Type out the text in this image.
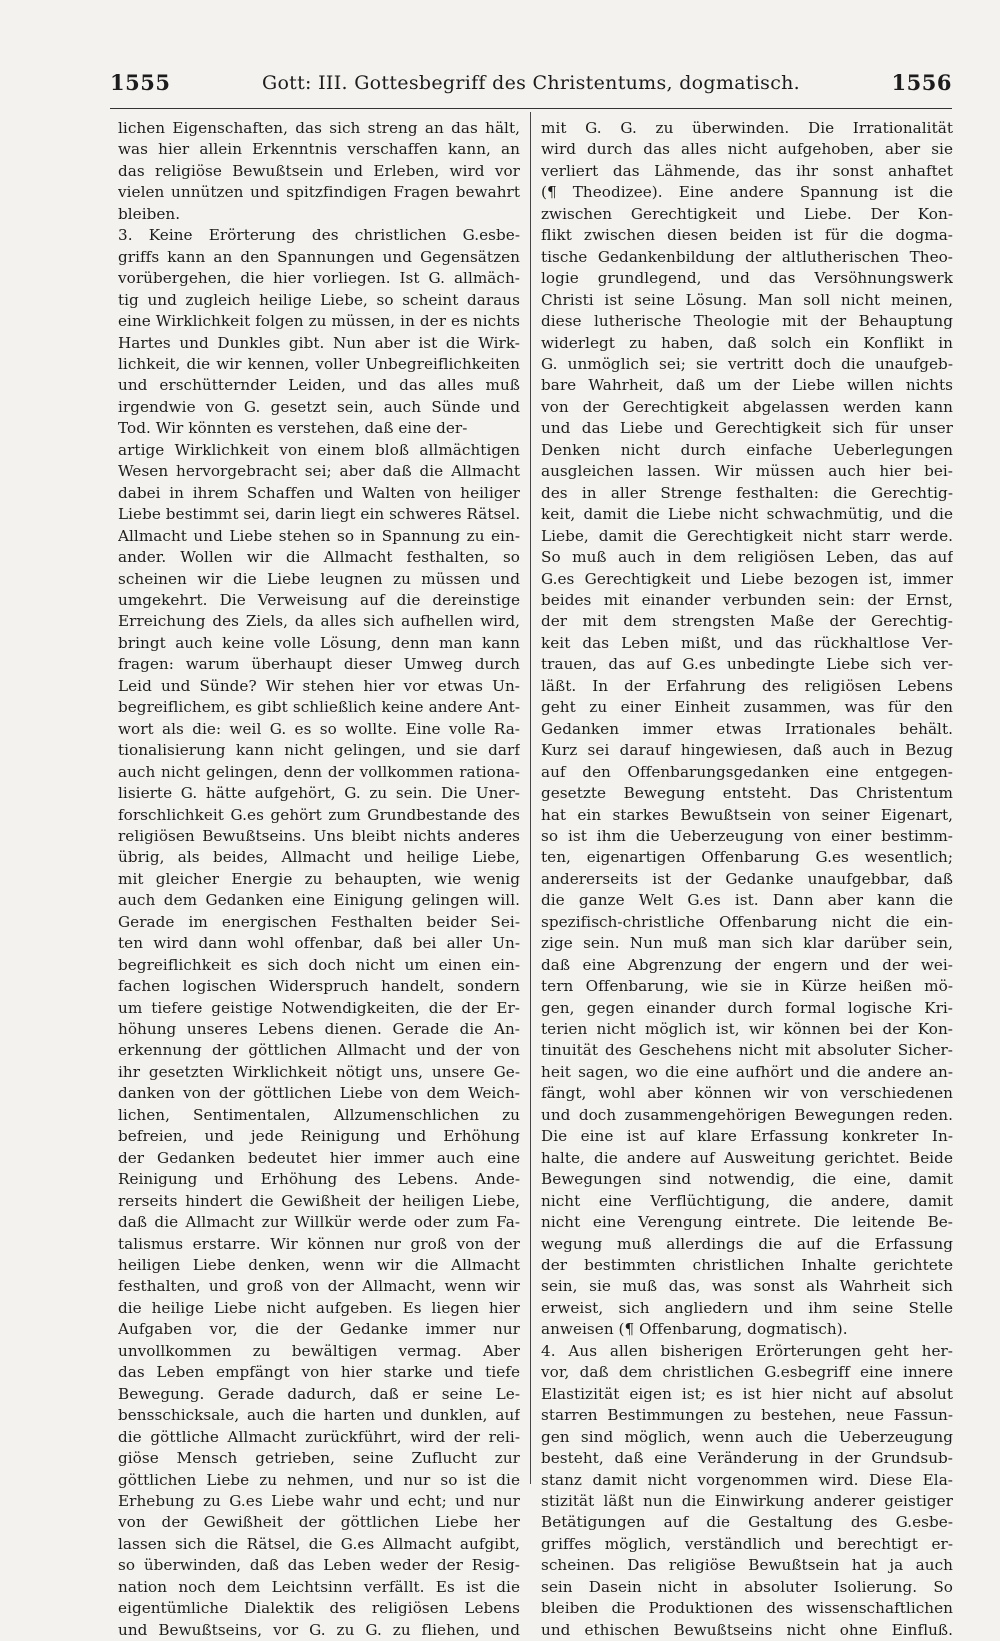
1555	Gott: III. Gottesbegriff des Christentums, dogmatisch.	1556
lichen Eigenschaften, das sich streng an das hält,
was hier allein Erkenntnis verschaffen kann, an
das religiöse Bewußtsein und Erleben, wird vor
vielen unnützen und spitzfindigen Fragen bewahrt
bleiben.
3. Keine Erörterung des christlichen G.esbe-
griffs kann an den Spannungen und Gegensätzen
vorübergehen, die hier vorliegen. Ist G. allmäch-
tig und zugleich heilige Liebe, so scheint daraus
eine Wirklichkeit folgen zu müssen, in der es nichts
Hartes und Dunkles gibt. Nun aber ist die Wirk-
lichkeit, die wir kennen, voller Unbegreiflichkeiten
und erschütternder Leiden, und das alles muß
irgendwie von G. gesetzt sein, auch Sünde und
Tod. Wir könnten es verstehen, daß eine der-
artige Wirklichkeit von einem bloß allmächtigen
Wesen hervorgebracht sei; aber daß die Allmacht
dabei in ihrem Schaffen und Walten von heiliger
Liebe bestimmt sei, darin liegt ein schweres Rätsel.
Allmacht und Liebe stehen so in Spannung zu ein-
ander. Wollen wir die Allmacht festhalten, so
scheinen wir die Liebe leugnen zu müssen und
umgekehrt. Die Verweisung auf die dereinstige
Erreichung des Ziels, da alles sich aufhellen wird,
bringt auch keine volle Lösung, denn man kann
fragen: warum überhaupt dieser Umweg durch
Leid und Sünde? Wir stehen hier vor etwas Un-
begreiflichem, es gibt schließlich keine andere Ant-
wort als die: weil G. es so wollte. Eine volle Ra-
tionalisierung kann nicht gelingen, und sie darf
auch nicht gelingen, denn der vollkommen rationa-
lisierte G. hätte aufgehört, G. zu sein. Die Uner-
forschlichkeit G.es gehört zum Grundbestande des
religiösen Bewußtseins. Uns bleibt nichts anderes
übrig, als beides, Allmacht und heilige Liebe,
mit gleicher Energie zu behaupten, wie wenig
auch dem Gedanken eine Einigung gelingen will.
Gerade im energischen Festhalten beider Sei-
ten wird dann wohl offenbar, daß bei aller Un-
begreiflichkeit es sich doch nicht um einen ein-
fachen logischen Widerspruch handelt, sondern
um tiefere geistige Notwendigkeiten, die der Er-
höhung unseres Lebens dienen. Gerade die An-
erkennung der göttlichen Allmacht und der von
ihr gesetzten Wirklichkeit nötigt uns, unsere Ge-
danken von der göttlichen Liebe von dem Weich-
lichen, Sentimentalen, Allzumenschlichen zu
befreien, und jede Reinigung und Erhöhung
der Gedanken bedeutet hier immer auch eine
Reinigung und Erhöhung des Lebens. Ande-
rerseits hindert die Gewißheit der heiligen Liebe,
daß die Allmacht zur Willkür werde oder zum Fa-
talismus erstarre. Wir können nur groß von der
heiligen Liebe denken, wenn wir die Allmacht
festhalten, und groß von der Allmacht, wenn wir
die heilige Liebe nicht aufgeben. Es liegen hier
Aufgaben vor, die der Gedanke immer nur
unvollkommen zu bewältigen vermag. Aber
das Leben empfängt von hier starke und tiefe
Bewegung. Gerade dadurch, daß er seine Le-
bensschicksale, auch die harten und dunklen, auf
die göttliche Allmacht zurückführt, wird der reli-
giöse Mensch getrieben, seine Zuflucht zur
göttlichen Liebe zu nehmen, und nur so ist die
Erhebung zu G.es Liebe wahr und echt; und nur
von der Gewißheit der göttlichen Liebe her
lassen sich die Rätsel, die G.es Allmacht aufgibt,
so überwinden, daß das Leben weder der Resig-
nation noch dem Leichtsinn verfällt. Es ist die
eigentümliche Dialektik des religiösen Lebens
und Bewußtseins, vor G. zu G. zu fliehen, und
mit G. G. zu überwinden. Die Irrationalität
wird durch das alles nicht aufgehoben, aber sie
verliert das Lähmende, das ihr sonst anhaftet
(¶ Theodizee). Eine andere Spannung ist die
zwischen Gerechtigkeit und Liebe. Der Kon-
flikt zwischen diesen beiden ist für die dogma-
tische Gedankenbildung der altlutherischen Theo-
logie grundlegend, und das Versöhnungswerk
Christi ist seine Lösung. Man soll nicht meinen,
diese lutherische Theologie mit der Behauptung
widerlegt zu haben, daß solch ein Konflikt in
G. unmöglich sei; sie vertritt doch die unaufgeb-
bare Wahrheit, daß um der Liebe willen nichts
von der Gerechtigkeit abgelassen werden kann
und das Liebe und Gerechtigkeit sich für unser
Denken nicht durch einfache Ueberlegungen
ausgleichen lassen. Wir müssen auch hier bei-
des in aller Strenge festhalten: die Gerechtig-
keit, damit die Liebe nicht schwachmütig, und die
Liebe, damit die Gerechtigkeit nicht starr werde.
So muß auch in dem religiösen Leben, das auf
G.es Gerechtigkeit und Liebe bezogen ist, immer
beides mit einander verbunden sein: der Ernst,
der mit dem strengsten Maße der Gerechtig-
keit das Leben mißt, und das rückhaltlose Ver-
trauen, das auf G.es unbedingte Liebe sich ver-
läßt. In der Erfahrung des religiösen Lebens
geht zu einer Einheit zusammen, was für den
Gedanken immer etwas Irrationales behält.
Kurz sei darauf hingewiesen, daß auch in Bezug
auf den Offenbarungsgedanken eine entgegen-
gesetzte Bewegung entsteht. Das Christentum
hat ein starkes Bewußtsein von seiner Eigenart,
so ist ihm die Ueberzeugung von einer bestimm-
ten, eigenartigen Offenbarung G.es wesentlich;
andererseits ist der Gedanke unaufgebbar, daß
die ganze Welt G.es ist. Dann aber kann die
spezifisch-christliche Offenbarung nicht die ein-
zige sein. Nun muß man sich klar darüber sein,
daß eine Abgrenzung der engern und der wei-
tern Offenbarung, wie sie in Kürze heißen mö-
gen, gegen einander durch formal logische Kri-
terien nicht möglich ist, wir können bei der Kon-
tinuität des Geschehens nicht mit absoluter Sicher-
heit sagen, wo die eine aufhört und die andere an-
fängt, wohl aber können wir von verschiedenen
und doch zusammengehörigen Bewegungen reden.
Die eine ist auf klare Erfassung konkreter In-
halte, die andere auf Ausweitung gerichtet. Beide
Bewegungen sind notwendig, die eine, damit
nicht eine Verflüchtigung, die andere, damit
nicht eine Verengung eintrete. Die leitende Be-
wegung muß allerdings die auf die Erfassung
der bestimmten christlichen Inhalte gerichtete
sein, sie muß das, was sonst als Wahrheit sich
erweist, sich angliedern und ihm seine Stelle
anweisen (¶ Offenbarung, dogmatisch).
4. Aus allen bisherigen Erörterungen geht her-
vor, daß dem christlichen G.esbegriff eine innere
Elastizität eigen ist; es ist hier nicht auf absolut
starren Bestimmungen zu bestehen, neue Fassun-
gen sind möglich, wenn auch die Ueberzeugung
besteht, daß eine Veränderung in der Grundsub-
stanz damit nicht vorgenommen wird. Diese Ela-
stizität läßt nun die Einwirkung anderer geistiger
Betätigungen auf die Gestaltung des G.esbe-
griffes möglich, verständlich und berechtigt er-
scheinen. Das religiöse Bewußtsein hat ja auch
sein Dasein nicht in absoluter Isolierung. So
bleiben die Produktionen des wissenschaftlichen
und ethischen Bewußtseins nicht ohne Einfluß.
